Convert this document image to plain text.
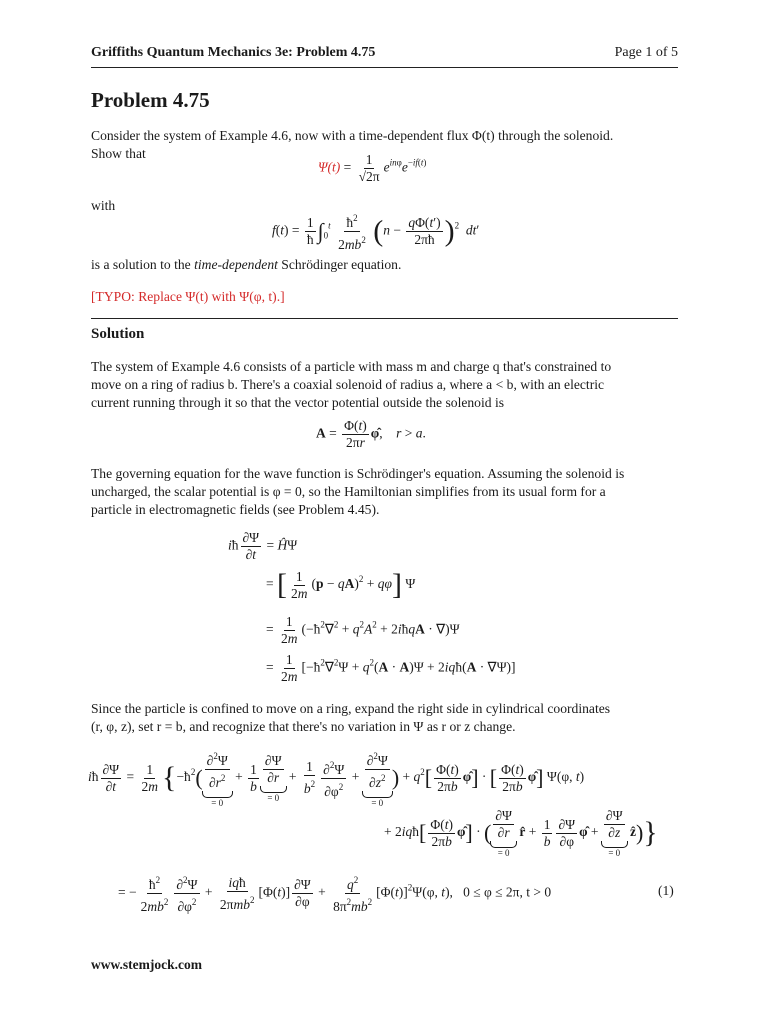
Griffiths Quantum Mechanics 3e: Problem 4.75	Page 1 of 5
Problem 4.75
Consider the system of Example 4.6, now with a time-dependent flux Φ(t) through the solenoid.
Show that
$\Psi(t) = \frac{1}{√2\pi} e^{in\varphi}e^{-if(t)}$
with
$f(t) = \frac{1}{ħ} \int_0^t \frac{ħ^2}{2mb^2} (n - \frac{q\Phi(t')}{2\pi ħ} )^2$ dt′
is a solution to the time-dependent Schrödinger equation.
[TYPO: Replace Ψ(t) with Ψ(φ, t).]
Solution
The system of Example 4.6 consists of a particle with mass m and charge q that's constrained to
move on a ring of radius b. There's a coaxial solenoid of radius a, where a < b, with an electric
current running through it so that the vector potential outside the solenoid is
$A = \frac{\Phi(t)}{2\pi r}$ φ̂,    r > a.
The governing equation for the wave function is Schrödinger's equation. Assuming the solenoid is
uncharged, the scalar potential is φ = 0, so the Hamiltonian simplifies from its usual form for a
particle in electromagnetic fields (see Problem 4.45).
iħ $\frac{\partial\Psi}{\partial t}$ = ĤΨ
= [ $\frac{1}{2m} (p - qA)^2 + q\varphi$] Ψ
= $\frac{1}{2m}$ ($-ħ^2\nabla^2 + q^2A^2$ + 2iħqA · ∇)Ψ
= $\frac{1}{2m}$ [$-ħ^2\nabla^2\Psi + q^2(A \cdot A)\Psi$ + 2iqħ(A · ∇Ψ)]
Since the particle is confined to move on a ring, expand the right side in cylindrical coordinates
(r, φ, z), set r = b, and recognize that there's no variation in Ψ as r or z change.
iħ $\frac{\partial\Psi}{\partial t} = \frac{1}{2m}$ {$-ħ^2( \frac{\partial^2\Psi}{\partial r^2}$
= 0
+ $\frac{1}{b} \frac{\partial\Psi}{\partial r}$
= 0
+ $\frac{1}{b^2} \frac{\partial^2\Psi}{\partial\varphi^2} + \frac{\partial^2\Psi}{\partial z^2}$
= 0
) + $q^2[ \frac{\Phi(t)}{2\pi b}$ φ̂] · [ $\frac{\Phi(t)}{2\pi b}$ φ̂] Ψ(φ, t)
+ 2iqħ[ $\frac{\Phi(t)}{2\pi b}$ φ̂] · ( $\frac{\partial\Psi}{\partial r}$
= 0
r̂ + $\frac{1}{b} \frac{\partial\Psi}{\partial\varphi}$ φ̂ + $\frac{\partial\Psi}{\partial z}$
= 0
ẑ)}
= − $\frac{ħ^2}{2mb^2} \frac{\partial^2\Psi}{\partial\varphi^2} + \frac{\text{iqħ}}{2\pi mb^2} [\Phi(t)] \frac{\partial\Psi}{\partial\varphi} + \frac{q^2}{8\pi^2mb^2} [\Phi(t)]^2\Psi(\varphi$, t),   0 ≤ φ ≤ 2π, t > 0	(1)
www.stemjock.com
